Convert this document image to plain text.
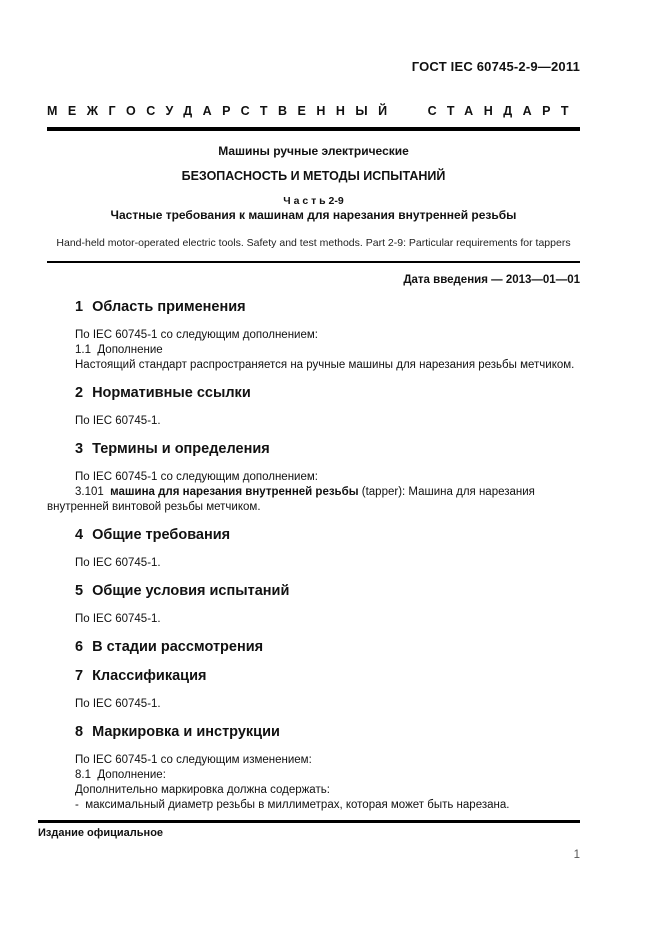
ГОСТ IEC 60745-2-9—2011
МЕЖГОСУДАРСТВЕННЫЙ СТАНДАРТ
Машины ручные электрические
БЕЗОПАСНОСТЬ И МЕТОДЫ ИСПЫТАНИЙ
Ч а с т ь 2-9
Частные требования к машинам для нарезания внутренней резьбы
Hand-held motor-operated electric tools. Safety and test methods. Part 2-9: Particular requirements for tappers
Дата введения — 2013—01—01
1 Область применения

По IEC 60745-1 со следующим дополнением:

1.1  Дополнение

Настоящий стандарт распространяется на ручные машины для нарезания резьбы метчиком.

2 Нормативные ссылки

По IEC 60745-1.

3 Термины и определения

По IEC 60745-1 со следующим дополнением:

3.101  машина для нарезания внутренней резьбы (tapper): Машина для нарезания внутренней винтовой резьбы метчиком.

4 Общие требования

По IEC 60745-1.

5 Общие условия испытаний

По IEC 60745-1.

6 В стадии рассмотрения
7 Классификация

По IEC 60745-1.

8 Маркировка и инструкции

По IEC 60745-1 со следующим изменением:

8.1  Дополнение:

Дополнительно маркировка должна содержать:

-  максимальный диаметр резьбы в миллиметрах, которая может быть нарезана.

Издание официальное
1
